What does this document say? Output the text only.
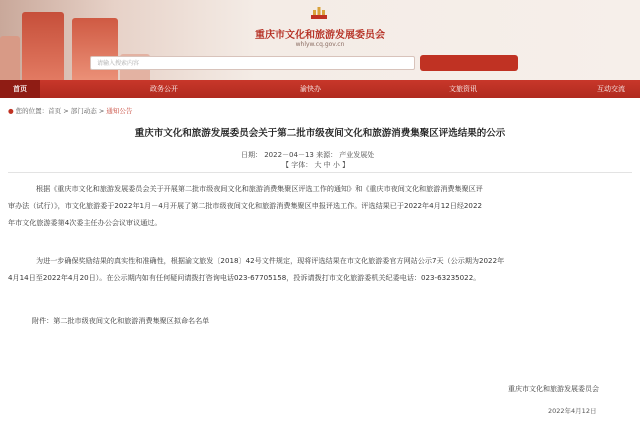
重庆市文化和旅游发展委员会
whlyw.cq.gov.cn
请输入搜索内容
首页	政务公开	渝快办	文旅资讯	互动交流
● 您的位置：首页 > 部门动态 > 通知公告
重庆市文化和旅游发展委员会关于第二批市级夜间文化和旅游消费集聚区评选结果的公示
日期： 2022－04－13 来源： 产业发展处
【 字体： 大 中 小 】
根据《重庆市文化和旅游发展委员会关于开展第二批市级夜间文化和旅游消费集聚区评选工作的通知》和《重庆市夜间文化和旅游消费集聚区评
审办法（试行）》，市文化旅游委于2022年1月－4月开展了第二批市级夜间文化和旅游消费集聚区申报评选工作。评选结果已于2022年4月12日经2022
年市文化旅游委第4次委主任办公会议审议通过。
为进一步确保奖励结果的真实性和准确性，根据渝文旅发〔2018〕42号文件规定，现将评选结果在市文化旅游委官方网站公示7天（公示期为2022年
4月14日至2022年4月20日）。在公示期内如有任何疑问请拨打咨询电话023-67705158，投诉请拨打市文化旅游委机关纪委电话：023-63235022。
附件：第二批市级夜间文化和旅游消费集聚区拟命名名单
重庆市文化和旅游发展委员会
2022年4月12日
